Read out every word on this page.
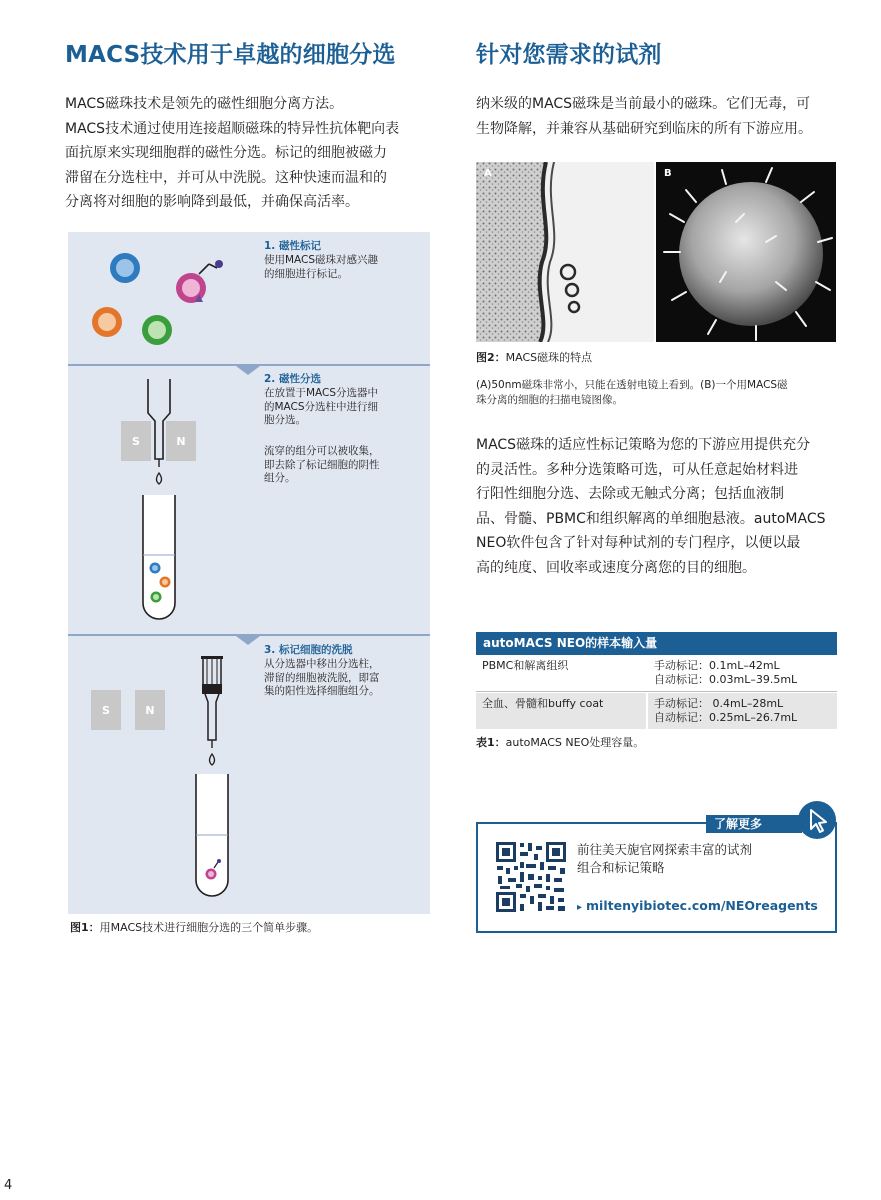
MACS技术用于卓越的细胞分选

MACS磁珠技术是领先的磁性细胞分离方法。

MACS技术通过使用连接超顺磁珠的特异性抗体靶向表

面抗原来实现细胞群的磁性分选。标记的细胞被磁力

滞留在分选柱中，并可从中洗脱。这种快速而温和的

分离将对细胞的影响降到最低，并确保高活率。

1. 磁性标记
使用MACS磁珠对感兴趣
的细胞进行标记。
S	N
2. 磁性分选
在放置于MACS分选器中
的MACS分选柱中进行细
胞分选。
流穿的组分可以被收集，
即去除了标记细胞的阴性
组分。
S	N
3. 标记细胞的洗脱
从分选器中移出分选柱，
滞留的细胞被洗脱，即富
集的阳性选择细胞组分。
图1：用MACS技术进行细胞分选的三个简单步骤。
针对您需求的试剂

纳米级的MACS磁珠是当前最小的磁珠。它们无毒，可

生物降解，并兼容从基础研究到临床的所有下游应用。

A	B
图2：MACS磁珠的特点
(A)50nm磁珠非常小，只能在透射电镜上看到。(B)一个用MACS磁
珠分离的细胞的扫描电镜图像。

MACS磁珠的适应性标记策略为您的下游应用提供充分

的灵活性。多种分选策略可选，可从任意起始材料进

行阳性细胞分选、去除或无触式分离；包括血液制

品、骨髓、PBMC和组织解离的单细胞悬液。autoMACS

NEO软件包含了针对每种试剂的专门程序，以便以最

高的纯度、回收率或速度分离您的目的细胞。

autoMACS NEO的样本输入量
PBMC和解离组织	手动标记：0.1mL–42mL
自动标记：0.03mL–39.5mL
全血、骨髓和buffy coat	手动标记： 0.4mL–28mL
自动标记：0.25mL–26.7mL
表1：autoMACS NEO处理容量。
了解更多
前往美天旎官网探索丰富的试剂
组合和标记策略
▸ miltenyibiotec.com/NEOreagents
4
